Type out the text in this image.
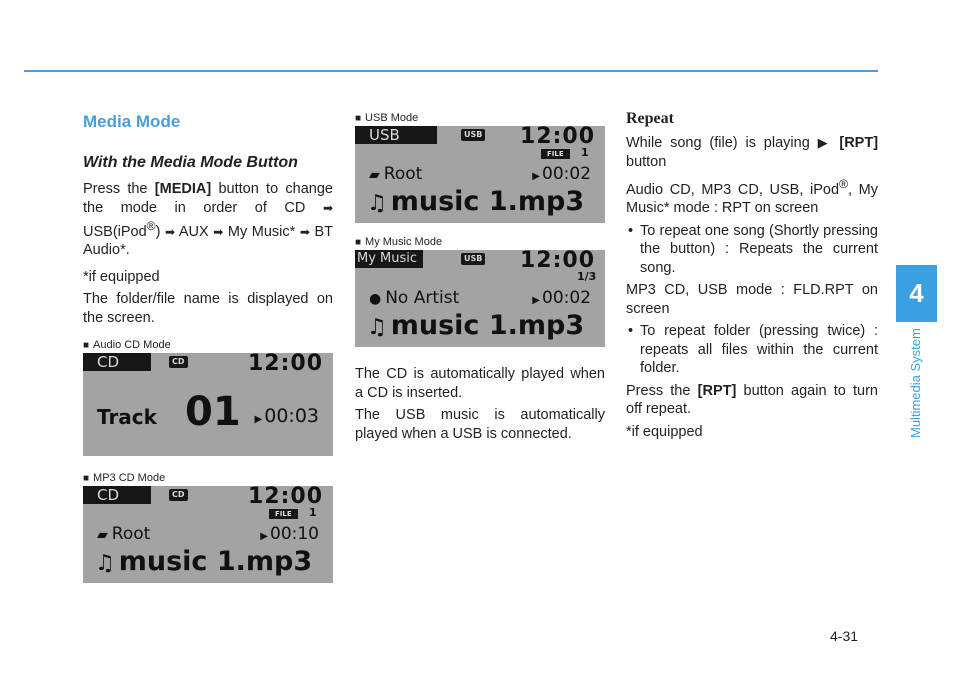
Media Mode
With the Media Mode Button

Press the [MEDIA] button to change the mode in order of CD ➡ USB(iPod®) ➡ AUX ➡ My Music* ➡ BT Audio*.

*if equipped

The folder/file name is displayed on the screen.

■ Audio CD Mode
CD	CD	12:00
Track 01 ▶ 00:03
■ MP3 CD Mode
CD	CD	12:00
FILE	1
▰ Root	▶ 00:10
♫ music 1.mp3
■ USB Mode
USB	USB 12:00
FILE	1
▰ Root	▶ 00:02
♫ music 1.mp3
■ My Music Mode
My Music	USB 12:00
1/3
● No Artist	▶ 00:02
♫ music 1.mp3

The CD is automatically played when a CD is inserted.

The USB music is automatically played when a USB is connected.

Repeat

While song (file) is playing ▶ [RPT] button

Audio CD, MP3 CD, USB, iPod®, My Music* mode : RPT on screen

• To repeat one song (Shortly pressing the button) : Repeats the current song.

MP3 CD, USB mode : FLD.RPT on screen

• To repeat folder (pressing twice) : repeats all files within the current folder.

Press the [RPT] button again to turn off repeat.

*if equipped

4
Multimedia System
4-31
